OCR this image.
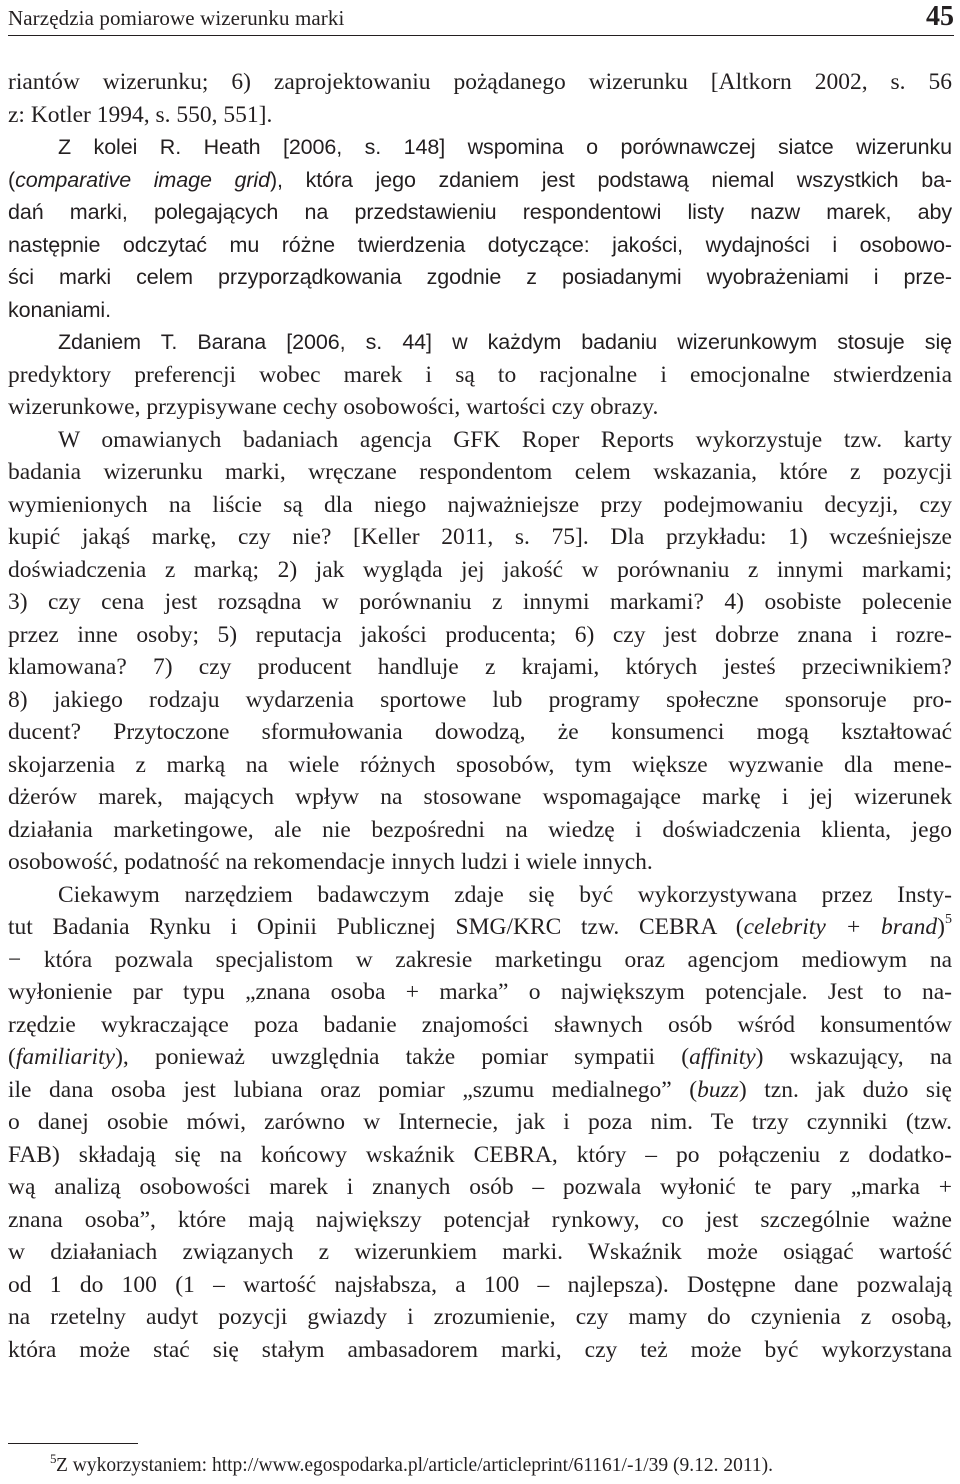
Narzędzia pomiarowe wizerunku marki	45
riantów wizerunku; 6) zaprojektowaniu pożądanego wizerunku [Altkorn 2002, s. 56
z: Kotler 1994, s. 550, 551].
Z kolei R. Heath [2006, s. 148] wspomina o porównawczej siatce wizerunku
(comparative image grid), która jego zdaniem jest podstawą niemal wszystkich ba-
dań marki, polegających na przedstawieniu respondentowi listy nazw marek, aby
następnie odczytać mu różne twierdzenia dotyczące: jakości, wydajności i osobowo-
ści marki celem przyporządkowania zgodnie z posiadanymi wyobrażeniami i prze-
konaniami.
Zdaniem T. Barana [2006, s. 44] w każdym badaniu wizerunkowym stosuje się
predyktory preferencji wobec marek i są to racjonalne i emocjonalne stwierdzenia
wizerunkowe, przypisywane cechy osobowości, wartości czy obrazy.
W omawianych badaniach agencja GFK Roper Reports wykorzystuje tzw. karty
badania wizerunku marki, wręczane respondentom celem wskazania, które z pozycji
wymienionych na liście są dla niego najważniejsze przy podejmowaniu decyzji, czy
kupić jakąś markę, czy nie? [Keller 2011, s. 75]. Dla przykładu: 1) wcześniejsze
doświadczenia z marką; 2) jak wygląda jej jakość w porównaniu z innymi markami;
3) czy cena jest rozsądna w porównaniu z innymi markami? 4) osobiste polecenie
przez inne osoby; 5) reputacja jakości producenta; 6) czy jest dobrze znana i rozre-
klamowana? 7) czy producent handluje z krajami, których jesteś przeciwnikiem?
8) jakiego rodzaju wydarzenia sportowe lub programy społeczne sponsoruje pro-
ducent? Przytoczone sformułowania dowodzą, że konsumenci mogą kształtować
skojarzenia z marką na wiele różnych sposobów, tym większe wyzwanie dla mene-
dżerów marek, mających wpływ na stosowane wspomagające markę i jej wizerunek
działania marketingowe, ale nie bezpośredni na wiedzę i doświadczenia klienta, jego
osobowość, podatność na rekomendacje innych ludzi i wiele innych.
Ciekawym narzędziem badawczym zdaje się być wykorzystywana przez Insty-
tut Badania Rynku i Opinii Publicznej SMG/KRC tzw. CEBRA (celebrity + brand)$^5$
− która pozwala specjalistom w zakresie marketingu oraz agencjom mediowym na
wyłonienie par typu „znana osoba + marka” o największym potencjale. Jest to na-
rzędzie wykraczające poza badanie znajomości sławnych osób wśród konsumentów
(familiarity), ponieważ uwzględnia także pomiar sympatii (affinity) wskazujący, na
ile dana osoba jest lubiana oraz pomiar „szumu medialnego” (buzz) tzn. jak dużo się
o danej osobie mówi, zarówno w Internecie, jak i poza nim. Te trzy czynniki (tzw.
FAB) składają się na końcowy wskaźnik CEBRA, który – po połączeniu z dodatko-
wą analizą osobowości marek i znanych osób – pozwala wyłonić te pary „marka +
znana osoba”, które mają największy potencjał rynkowy, co jest szczególnie ważne
w działaniach związanych z wizerunkiem marki. Wskaźnik może osiągać wartość
od 1 do 100 (1 – wartość najsłabsza, a 100 – najlepsza). Dostępne dane pozwalają
na rzetelny audyt pozycji gwiazdy i zrozumienie, czy mamy do czynienia z osobą,
która może stać się stałym ambasadorem marki, czy też może być wykorzystana
5 Z wykorzystaniem: http://www.egospodarka.pl/article/articleprint/61161/-1/39 (9.12. 2011).
